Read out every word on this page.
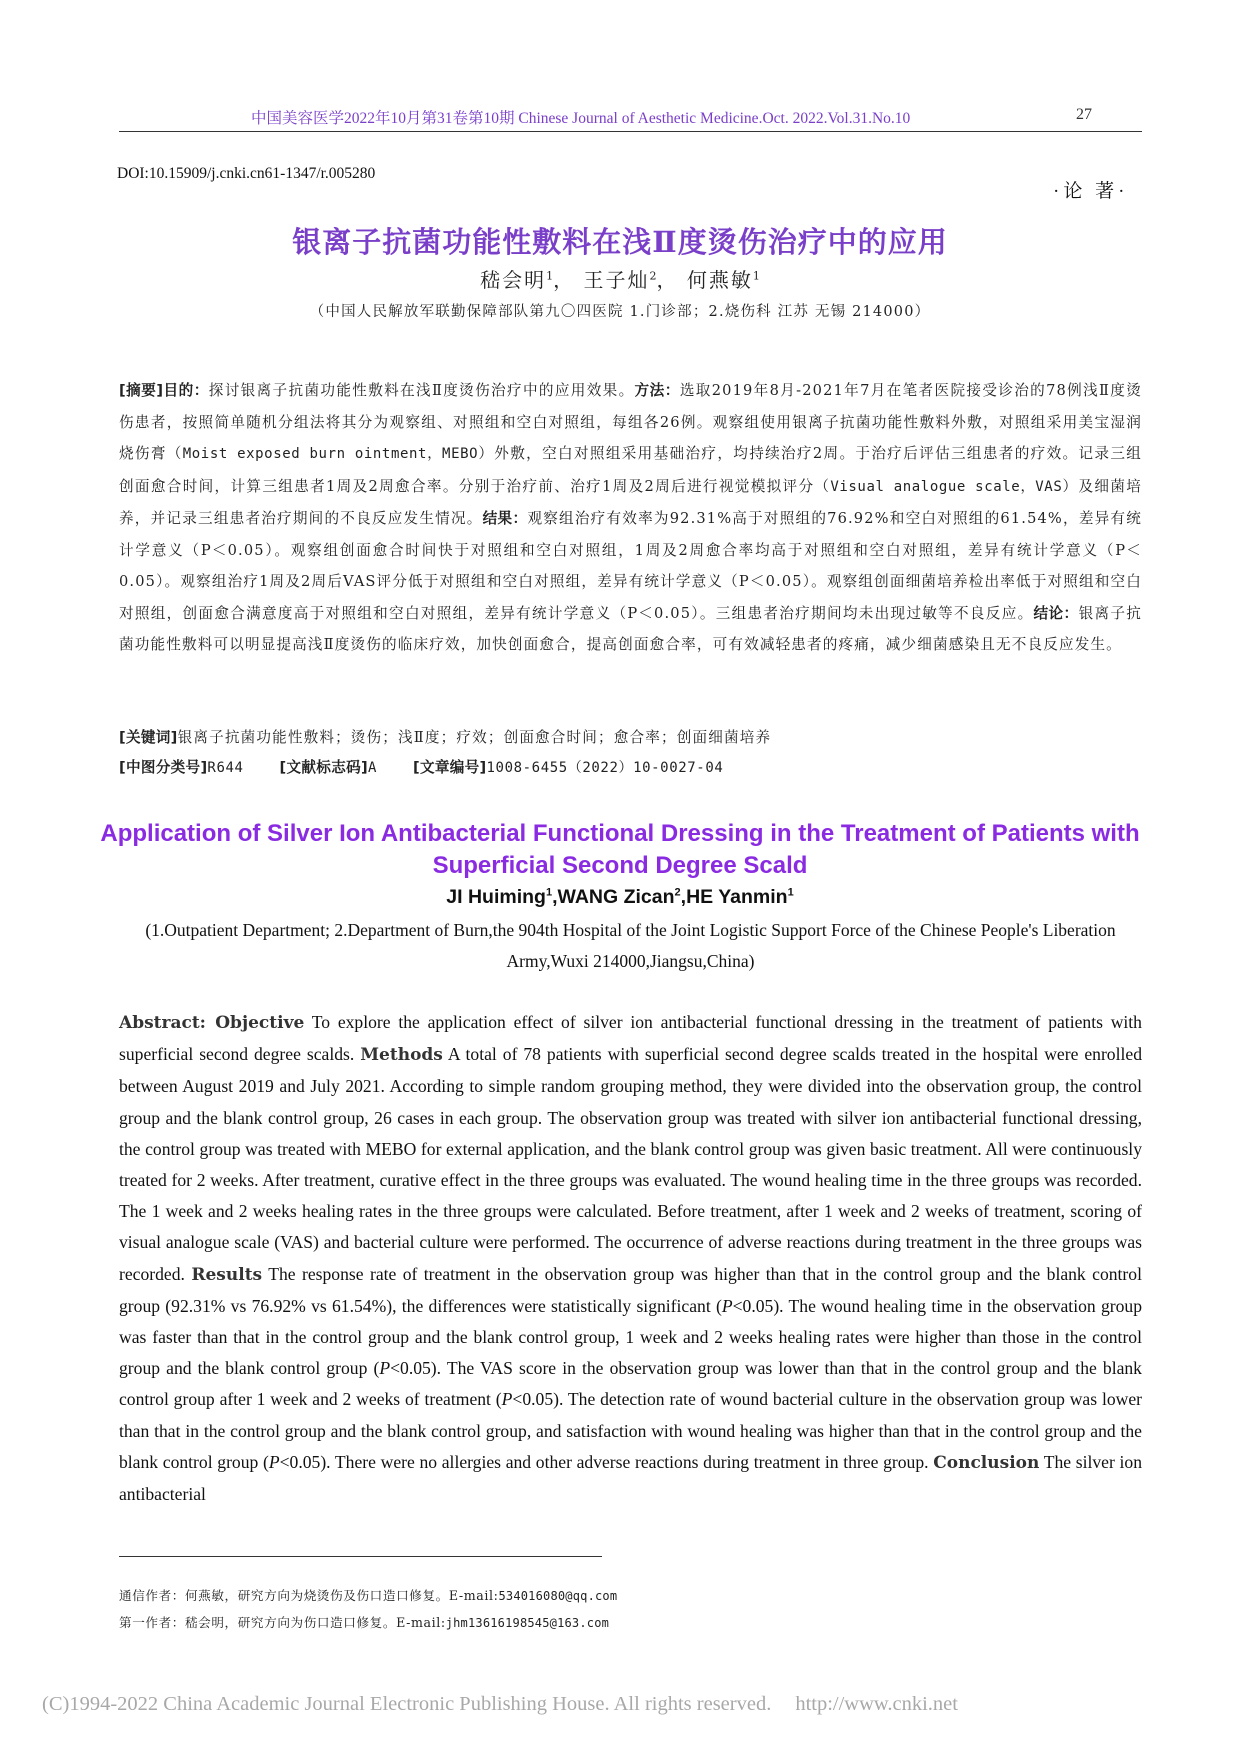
中国美容医学2022年10月第31卷第10期 Chinese Journal of Aesthetic Medicine.Oct. 2022.Vol.31.No.10	27
DOI:10.15909/j.cnki.cn61-1347/r.005280
·论 著·
银离子抗菌功能性敷料在浅Ⅱ度烫伤治疗中的应用
嵇会明$^1$， 王子灿$^2$， 何燕敏$^1$
（中国人民解放军联勤保障部队第九〇四医院 1.门诊部；2.烧伤科 江苏 无锡 214000）
[摘要]目的：探讨银离子抗菌功能性敷料在浅Ⅱ度烫伤治疗中的应用效果。方法：选取2019年8月-2021年7月在笔者医院接受诊治的78例浅Ⅱ度烫伤患者，按照简单随机分组法将其分为观察组、对照组和空白对照组，每组各26例。观察组使用银离子抗菌功能性敷料外敷，对照组采用美宝湿润烧伤膏（Moist exposed burn ointment，MEBO）外敷，空白对照组采用基础治疗，均持续治疗2周。于治疗后评估三组患者的疗效。记录三组创面愈合时间，计算三组患者1周及2周愈合率。分别于治疗前、治疗1周及2周后进行视觉模拟评分（Visual analogue scale，VAS）及细菌培养，并记录三组患者治疗期间的不良反应发生情况。结果：观察组治疗有效率为92.31%高于对照组的76.92%和空白对照组的61.54%，差异有统计学意义（P＜0.05）。观察组创面愈合时间快于对照组和空白对照组，1周及2周愈合率均高于对照组和空白对照组，差异有统计学意义（P＜0.05）。观察组治疗1周及2周后VAS评分低于对照组和空白对照组，差异有统计学意义（P＜0.05）。观察组创面细菌培养检出率低于对照组和空白对照组，创面愈合满意度高于对照组和空白对照组，差异有统计学意义（P＜0.05）。三组患者治疗期间均未出现过敏等不良反应。结论：银离子抗菌功能性敷料可以明显提高浅Ⅱ度烫伤的临床疗效，加快创面愈合，提高创面愈合率，可有效减轻患者的疼痛，减少细菌感染且无不良反应发生。
[关键词]银离子抗菌功能性敷料；烫伤；浅Ⅱ度；疗效；创面愈合时间；愈合率；创面细菌培养
[中图分类号]R644 [文献标志码]A [文章编号]1008-6455（2022）10-0027-04
Application of Silver Ion Antibacterial Functional Dressing in the Treatment of Patients with Superficial Second Degree Scald
JI Huiming$^1$,WANG Zican$^2$,HE Yanmin$^1$
(1.Outpatient Department; 2.Department of Burn,the 904th Hospital of the Joint Logistic Support Force of the Chinese People's Liberation Army,Wuxi 214000,Jiangsu,China)
Abstract: Objective To explore the application effect of silver ion antibacterial functional dressing in the treatment of patients with superficial second degree scalds. Methods A total of 78 patients with superficial second degree scalds treated in the hospital were enrolled between August 2019 and July 2021. According to simple random grouping method, they were divided into the observation group, the control group and the blank control group, 26 cases in each group. The observation group was treated with silver ion antibacterial functional dressing, the control group was treated with MEBO for external application, and the blank control group was given basic treatment. All were continuously treated for 2 weeks. After treatment, curative effect in the three groups was evaluated. The wound healing time in the three groups was recorded. The 1 week and 2 weeks healing rates in the three groups were calculated. Before treatment, after 1 week and 2 weeks of treatment, scoring of visual analogue scale (VAS) and bacterial culture were performed. The occurrence of adverse reactions during treatment in the three groups was recorded. Results The response rate of treatment in the observation group was higher than that in the control group and the blank control group (92.31% vs 76.92% vs 61.54%), the differences were statistically significant (P<0.05). The wound healing time in the observation group was faster than that in the control group and the blank control group, 1 week and 2 weeks healing rates were higher than those in the control group and the blank control group (P<0.05). The VAS score in the observation group was lower than that in the control group and the blank control group after 1 week and 2 weeks of treatment (P<0.05). The detection rate of wound bacterial culture in the observation group was lower than that in the control group and the blank control group, and satisfaction with wound healing was higher than that in the control group and the blank control group (P<0.05). There were no allergies and other adverse reactions during treatment in three group. Conclusion The silver ion antibacterial
通信作者：何燕敏，研究方向为烧烫伤及伤口造口修复。E-mail:534016080@qq.com
第一作者：嵇会明，研究方向为伤口造口修复。E-mail:jhm13616198545@163.com
(C)1994-2022 China Academic Journal Electronic Publishing House. All rights reserved. http://www.cnki.net
